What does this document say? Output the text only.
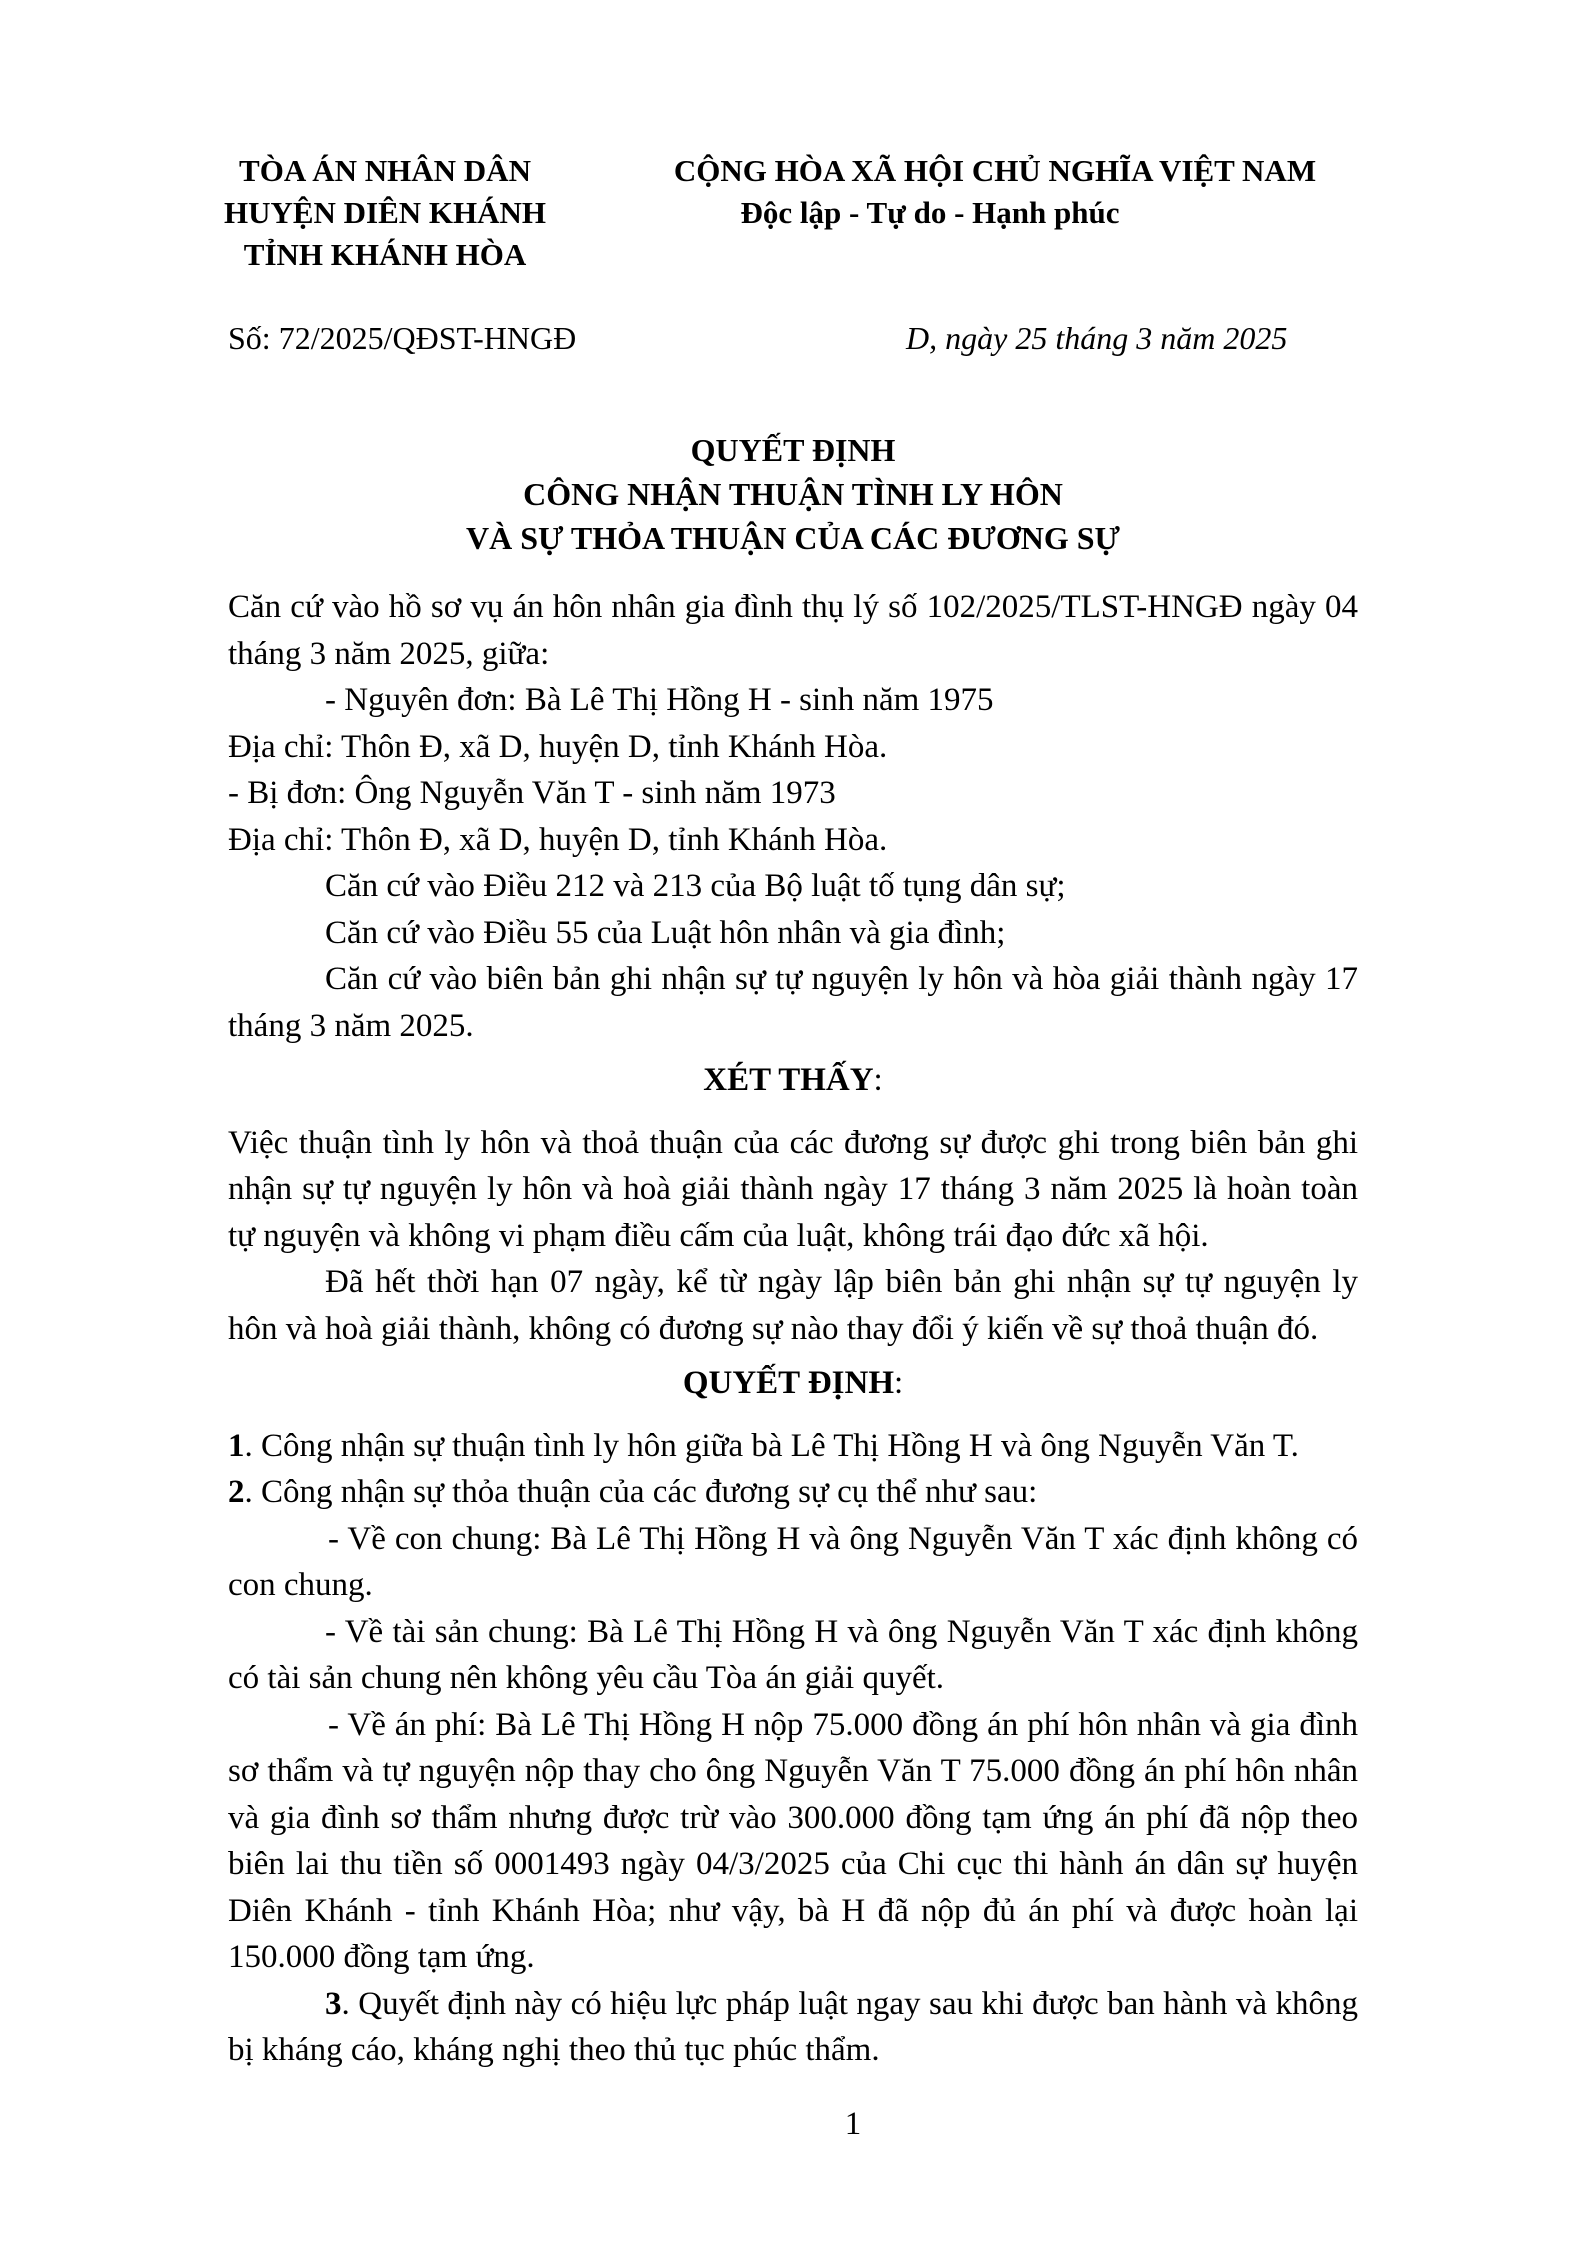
TÒA ÁN NHÂN DÂN
HUYỆN DIÊN KHÁNH
TỈNH KHÁNH HÒA
CỘNG HÒA XÃ HỘI CHỦ NGHĨA VIỆT NAM
Độc lập - Tự do - Hạnh phúc
Số: 72/2025/QĐST-HNGĐ	D, ngày 25 tháng 3 năm 2025
QUYẾT ĐỊNH
CÔNG NHẬN THUẬN TÌNH LY HÔN
VÀ SỰ THỎA THUẬN CỦA CÁC ĐƯƠNG SỰ

Căn cứ vào hồ sơ vụ án hôn nhân gia đình thụ lý số 102/2025/TLST-HNGĐ ngày 04 tháng 3 năm 2025, giữa:

- Nguyên đơn: Bà Lê Thị Hồng H - sinh năm 1975

Địa chỉ: Thôn Đ, xã D, huyện D, tỉnh Khánh Hòa.

- Bị đơn: Ông Nguyễn Văn T - sinh năm 1973

Địa chỉ: Thôn Đ, xã D, huyện D, tỉnh Khánh Hòa.

Căn cứ vào Điều 212 và 213 của Bộ luật tố tụng dân sự;

Căn cứ vào Điều 55 của Luật hôn nhân và gia đình;

Căn cứ vào biên bản ghi nhận sự tự nguyện ly hôn và hòa giải thành ngày 17 tháng 3 năm 2025.

XÉT THẤY:

Việc thuận tình ly hôn và thoả thuận của các đương sự được ghi trong biên bản ghi nhận sự tự nguyện ly hôn và hoà giải thành ngày 17 tháng 3 năm 2025 là hoàn toàn tự nguyện và không vi phạm điều cấm của luật, không trái đạo đức xã hội.

Đã hết thời hạn 07 ngày, kể từ ngày lập biên bản ghi nhận sự tự nguyện ly hôn và hoà giải thành, không có đương sự nào thay đổi ý kiến về sự thoả thuận đó.

QUYẾT ĐỊNH:

1. Công nhận sự thuận tình ly hôn giữa bà Lê Thị Hồng H và ông Nguyễn Văn T.

2. Công nhận sự thỏa thuận của các đương sự cụ thể như sau:

- Về con chung: Bà Lê Thị Hồng H và ông Nguyễn Văn T xác định không có con chung.

- Về tài sản chung: Bà Lê Thị Hồng H và ông Nguyễn Văn T xác định không có tài sản chung nên không yêu cầu Tòa án giải quyết.

- Về án phí: Bà Lê Thị Hồng H nộp 75.000 đồng án phí hôn nhân và gia đình sơ thẩm và tự nguyện nộp thay cho ông Nguyễn Văn T 75.000 đồng án phí hôn nhân và gia đình sơ thẩm nhưng được trừ vào 300.000 đồng tạm ứng án phí đã nộp theo biên lai thu tiền số 0001493 ngày 04/3/2025 của Chi cục thi hành án dân sự huyện Diên Khánh - tỉnh Khánh Hòa; như vậy, bà H đã nộp đủ án phí và được hoàn lại 150.000 đồng tạm ứng.

3. Quyết định này có hiệu lực pháp luật ngay sau khi được ban hành và không bị kháng cáo, kháng nghị theo thủ tục phúc thẩm.

1
